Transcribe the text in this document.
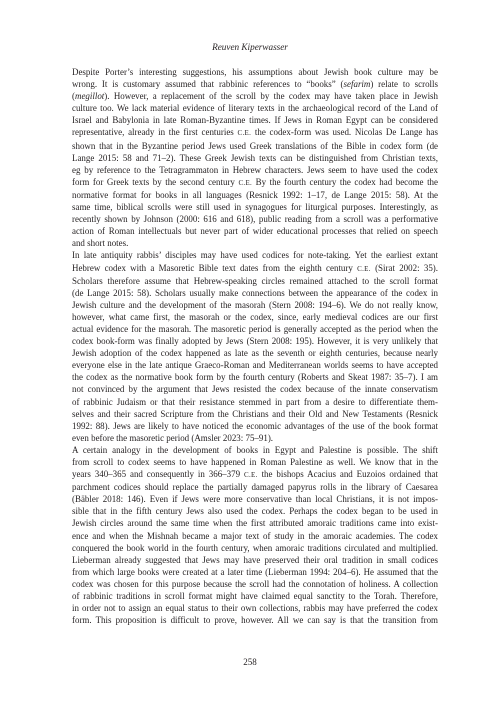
Reuven Kiperwasser

Despite Porter’s interesting suggestions, his assumptions about Jewish book culture may be
wrong. It is customary assumed that rabbinic references to “books” (sefarim) relate to scrolls
(megillot). However, a replacement of the scroll by the codex may have taken place in Jewish
culture too. We lack material evidence of literary texts in the archaeological record of the Land of
Israel and Babylonia in late Roman-Byzantine times. If Jews in Roman Egypt can be considered
representative, already in the first centuries C.E. the codex-form was used. Nicolas De Lange has
shown that in the Byzantine period Jews used Greek translations of the Bible in codex form (de
Lange 2015: 58 and 71–2). These Greek Jewish texts can be distinguished from Christian texts,
eg by reference to the Tetragrammaton in Hebrew characters. Jews seem to have used the codex
form for Greek texts by the second century C.E. By the fourth century the codex had become the
normative format for books in all languages (Resnick 1992: 1–17, de Lange 2015: 58). At the
same time, biblical scrolls were still used in synagogues for liturgical purposes. Interestingly, as
recently shown by Johnson (2000: 616 and 618), public reading from a scroll was a performative
action of Roman intellectuals but never part of wider educational processes that relied on speech
and short notes.

In late antiquity rabbis’ disciples may have used codices for note-taking. Yet the earliest extant
Hebrew codex with a Masoretic Bible text dates from the eighth century C.E. (Sirat 2002: 35).
Scholars therefore assume that Hebrew-speaking circles remained attached to the scroll format
(de Lange 2015: 58). Scholars usually make connections between the appearance of the codex in
Jewish culture and the development of the masorah (Stern 2008: 194–6). We do not really know,
however, what came first, the masorah or the codex, since, early medieval codices are our first
actual evidence for the masorah. The masoretic period is generally accepted as the period when the
codex book-form was finally adopted by Jews (Stern 2008: 195). However, it is very unlikely that
Jewish adoption of the codex happened as late as the seventh or eighth centuries, because nearly
everyone else in the late antique Graeco-Roman and Mediterranean worlds seems to have accepted
the codex as the normative book form by the fourth century (Roberts and Skeat 1987: 35–7). I am
not convinced by the argument that Jews resisted the codex because of the innate conservatism
of rabbinic Judaism or that their resistance stemmed in part from a desire to differentiate them-
selves and their sacred Scripture from the Christians and their Old and New Testaments (Resnick
1992: 88). Jews are likely to have noticed the economic advantages of the use of the book format
even before the masoretic period (Amsler 2023: 75–91).

A certain analogy in the development of books in Egypt and Palestine is possible. The shift
from scroll to codex seems to have happened in Roman Palestine as well. We know that in the
years 340–365 and consequently in 366–379 C.E. the bishops Acacius and Euzoios ordained that
parchment codices should replace the partially damaged papyrus rolls in the library of Caesarea
(Bäbler 2018: 146). Even if Jews were more conservative than local Christians, it is not impos-
sible that in the fifth century Jews also used the codex. Perhaps the codex began to be used in
Jewish circles around the same time when the first attributed amoraic traditions came into exist-
ence and when the Mishnah became a major text of study in the amoraic academies. The codex
conquered the book world in the fourth century, when amoraic traditions circulated and multiplied.
Lieberman already suggested that Jews may have preserved their oral tradition in small codices
from which large books were created at a later time (Lieberman 1994: 204–6). He assumed that the
codex was chosen for this purpose because the scroll had the connotation of holiness. A collection
of rabbinic traditions in scroll format might have claimed equal sanctity to the Torah. Therefore,
in order not to assign an equal status to their own collections, rabbis may have preferred the codex
form. This proposition is difficult to prove, however. All we can say is that the transition from

258
